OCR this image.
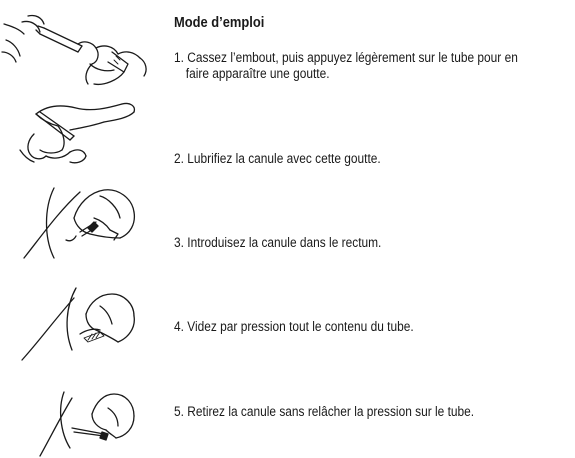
Mode d’emploi
1. Cassez l’embout, puis appuyez légèrement sur le tube pour en
faire apparaître une goutte.
2. Lubrifiez la canule avec cette goutte.
3. Introduisez la canule dans le rectum.
4. Videz par pression tout le contenu du tube.
5. Retirez la canule sans relâcher la pression sur le tube.
